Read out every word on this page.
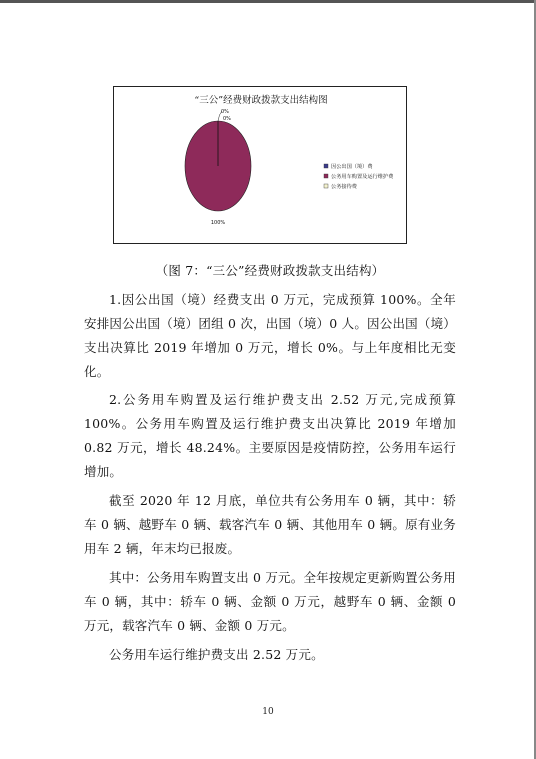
“三公”经费财政拨款支出结构图
0%
100%
0%
因公出国（境）费
公务用车购置及运行维护费
公务接待费
（图 7：“三公”经费财政拨款支出结构）
1.因公出国（境）经费支出 0 万元，完成预算 100%。全年安排因公出国（境）团组 0 次，出国（境）0 人。因公出国（境）支出决算比 2019 年增加 0 万元，增长 0%。与上年度相比无变化。
2.公务用车购置及运行维护费支出 2.52 万元,完成预算 100%。公务用车购置及运行维护费支出决算比 2019 年增加 0.82 万元，增长 48.24%。主要原因是疫情防控，公务用车运行增加。
截至 2020 年 12 月底，单位共有公务用车 0 辆，其中：轿车 0 辆、越野车 0 辆、载客汽车 0 辆、其他用车 0 辆。原有业务用车 2 辆，年末均已报废。
其中：公务用车购置支出 0 万元。全年按规定更新购置公务用车 0 辆，其中：轿车 0 辆、金额 0 万元，越野车 0 辆、金额 0 万元，载客汽车 0 辆、金额 0 万元。
公务用车运行维护费支出 2.52 万元。
10
